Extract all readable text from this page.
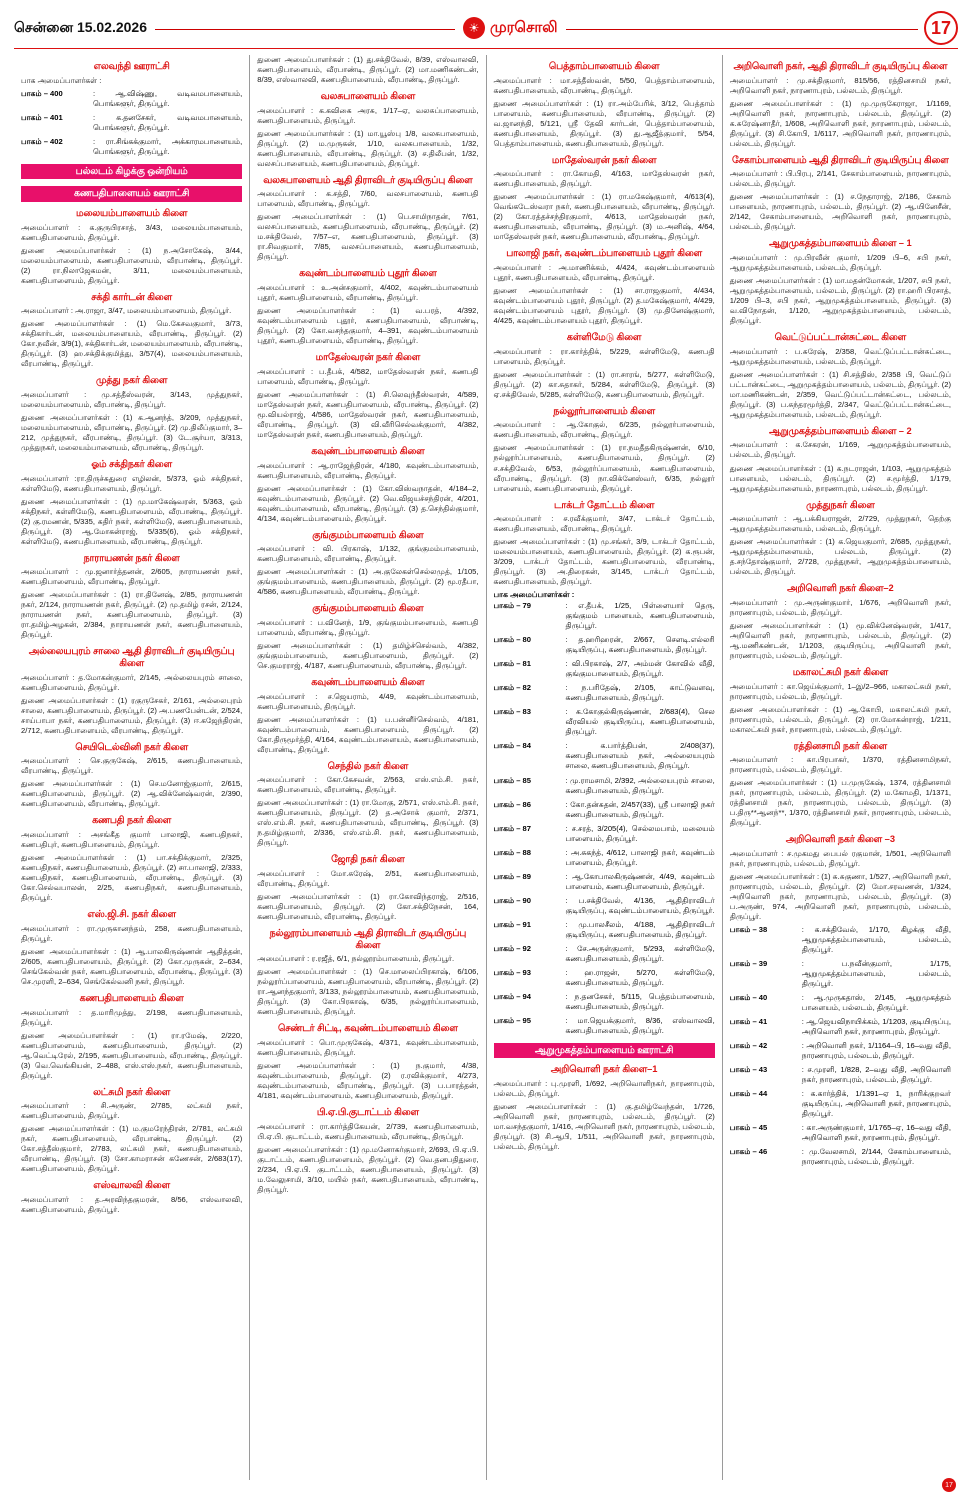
சென்னை 15.02.2026	☀ முரசொலி	17
எலவந்தி ஊராட்சி

பாக அமைப்பாளர்கள் :

பாகம் – 400	: ஆ.விஷ்ணு, வடிவமபாளையம், பொங்களூர், திருப்பூர்.
பாகம் – 401	: க.தனசேகர், வடிவமபாளையம், பொங்களூர், திருப்பூர்.
பாகம் – 402	: ரா.சிங்கக்குமார், அக்காரமபாளையம், பொங்களூர், திருப்பூர்.
பல்லடம் கிழக்கு ஒன்றியம்
கணபதிபாளையம் ஊராட்சி
மலையம்பாளையம் கிளை

அமைப்பாளர் : க.குருபிரசாத், 3/43, மலையம்பாளையம், கணபதிபாளையம், திருப்பூர்.

துணை அமைப்பாளர்கள் : (1) ந.அசோகேஷ், 3/44, மலையம்பாளையம், கணபதிபாளையம், வீரபாண்டி, திருப்பூர். (2) ரா.நிலாஜேகமன், 3/11, மலையம்பாளையம், கணபதிபாளையம், திருப்பூர்.

சக்தி கார்டன் கிளை

அமைப்பாளர் : அ.ராஜா, 3/47, மலையம்பாளையம், திருப்பூர்.

துணை அமைப்பாளர்கள் : (1) மெ.கேசவகுமார், 3/73, சக்திகார்டன், மலையம்பாளையம், வீரபாண்டி, திருப்பூர். (2) கோ.நவீன், 3/9(1), சக்திகார்டன், மலையம்பாளையம், வீரபாண்டி, திருப்பூர். (3) ஹ.சக்திக்குமித்து, 3/57(4), மலையம்பாளையம், வீரபாண்டி, திருப்பூர்.

முத்து நகர் கிளை

அமைப்பாளர் : மு.சத்தீஸ்வரன், 3/143, முத்துநகர், மலையம்பாளையம், வீரபாண்டி, திருப்பூர்.

துணை அமைப்பாளர்கள் : (1) க.ஆனந்த், 3/209, முத்துநகர், மலையம்பாளையம், வீரபாண்டி, திருப்பூர். (2) மு.திலீப்குமார், 3–212, முத்துநகர், வீரபாண்டி, திருப்பூர். (3) டே.சூர்யா, 3/313, முத்துநகர், மலையம்பாளையம், வீரபாண்டி, திருப்பூர்.

ஓம் சக்திநகர் கிளை

அமைப்பாளர் :ரா.திருச்சுதுரை எழிலன், 5/373, ஓம் சக்திநகர், கள்ளிமேடு, கணபதிபாளையம், திருப்பூர்.

துணை அமைப்பாளர்கள் : (1) மு.மாகேஷ்வரன், 5/363, ஓம் சக்திநகர், கள்ளிமேடு, கணபதிபாளையம், வீரபாண்டி, திருப்பூர். (2) கு.ரமணன், 5/335, கதிர் நகர், கள்ளிமேடு, கணபதிபாளையம், திருப்பூர். (3) ஆ.மோகன்ராஜ், 5/335(6), ஓம் சக்திநகர், கள்ளிமேடு, கணபதிபாளையம், வீரபாண்டி, திருப்பூர்.

நாராயணன் நகர் கிளை

அமைப்பாளர் : மு.ஜனார்த்தனன், 2/605, நாராயணன் நகர், கணபதிபாளையம், வீரபாண்டி, திருப்பூர்.

துணை அமைப்பாளர்கள் : (1) ரா.தினேஷ், 2/85, நாராயணன் நகர், 2/124, நாராயணன் நகர், திருப்பூர். (2) மு.தமிழ் ரசன், 2/124, நாராயணன் நகர், கணபதிபாளையம், திருப்பூர். (3) ரா.தமிழ்அழகன், 2/384, நாராயணன் நகர், கணபதிபாளையம், திருப்பூர்.

அல்லையபுரம் சாலை ஆதி திராவிடர் குடியிருப்பு கிளை

அமைப்பாளர் : த.மோகன்குமார், 2/145, அல்லையபுரம் சாலை, கணபதிபாளையம், திருப்பூர்.

துணை அமைப்பாளர்கள் : (1) ரகுருசேகர், 2/161, அல்லைபுரம் சாலை, கணபதிபாளையம், திருப்பூர். (2) அ.பணபேன்டன், 2/524, சாய்பாபா நகர், கணபதிபாளையம், திருப்பூர். (3) ஈ.கஜேந்திரன், 2/712, கணபதிபாளையம், வீரபாண்டி, திருப்பூர்.

செயிடெல்வினி நகர் கிளை

அமைப்பாளர் : செ.குருகேஷ், 2/615, கணபதிபாளையம், வீரபாண்டி, திருப்பூர்.

துணை அமைப்பாளர்கள் : (1) செ.மனோஜ்குமார், 2/615, கணபதிபாளையம், திருப்பூர். (2) ஆ.விக்னேஷ்வரன், 2/390, கணபதிபாளையம், வீரபாண்டி, திருப்பூர்.

கணபதி நகர் கிளை

அமைப்பாளர் : அசங்கீத குமார் பாலாஜி, கணபதிநகர், கணபதிபுர், கணபதிபாளையம், திருப்பூர்.

துணை அமைப்பாளர்கள் : (1) பா.சக்திக்குமார், 2/325, கணபதிநகர், கணபதிபாளையம், திருப்பூர். (2) சா.பாலாஜி, 2/333, கணபதிநகர், கணபதிபாளையம், வீரபாண்டி, திருப்பூர். (3) கோ.செல்வபாலன், 2/25, கணபதிநகர், கணபதிபாளையம், திருப்பூர்.

எஸ்.ஜி.சி. நகர் கிளை

அமைப்பாளர் : ரா.முருகானந்தம், 258, கணபதிபாளையம், திருப்பூர்.

துணை அமைப்பாளர்கள் : (1) ஆ.பாலகிருஷ்ணன் ஆதித்தன், 2/605, கணபதிபாளையம், திருப்பூர். (2) கோ.முருகன், 2–634, செங்கேல்வன் நகர், கணபதிபாளையம், வீரபாண்டி, திருப்பூர். (3) செ.முரளி, 2–634, செங்கேல்வனி நகர், திருப்பூர்.

கணபதிபாளையம் கிளை

அமைப்பாளர் : த.மாரிமுத்து, 2/198, கணபதிபாளையம், திருப்பூர்.

துணை அமைப்பாளர்கள் : (1) ரா.ரமேஷ், 2/220, கணபதிபாளையம், கணபதிபாளையம், திருப்பூர். (2) ஆ.வெட்டிரேல், 2/195, கணபதிபாளையம், வீரபாண்டி, திருப்பூர். (3) வெ.வெங்கியன், 2–488, எஸ்.எஸ்.நகர், கணபதிபாளையம், திருப்பூர்.

லட்சுமி நகர் கிளை

அமைப்பாளர் : சி.அருண், 2/785, லட்சுமி நகர், கணபதிபாளையம், திருப்பூர்.

துணை அமைப்பாளர்கள் : (1) ம.குமரேந்திரன், 2/781, லட்சுமி நகர், கணபதிபாளையம், வீரபாண்டி, திருப்பூர். (2) கோ.சத்தீஸ்குமார், 2/783, லட்சுமி நகர், கணபதிபாளையம், வீரபாண்டி, திருப்பூர். (3) சோ.காமராசன் கணேசன், 2/683(17), கணபதிபாளையம், திருப்பூர்.

எஸ்வாலவி கிளை

அமைப்பாளர் : த.அரவிந்தகுமரன், 8/56, எஸ்வாலவி, கணபதிபாளையம், திருப்பூர்.

துணை அமைப்பாளர்கள் : (1) து.சக்திவேல், 8/39, எஸ்வாலவி, கணபதிபாளையம், வீரபாண்டி, திருப்பூர். (2) மா.மணிகண்டன், 8/39, எஸ்வாலவி, கணபதிபாளையம், வீரபாண்டி, திருப்பூர்.

வலசுபாளையம் கிளை

அமைப்பாளர் : க.கவிகை அரசு, 1/17–ஏ, வலசுப்பாளையம், கணபதிபாளையம், திருப்பூர்.

துணை அமைப்பாளர்கள் : (1) மா.யூஸ்பு 1/8, வலசுபாளையம், திருப்பூர். (2) ம.முருகன், 1/10, வலசுபாளையம், 1/32, கணபதிபாளையம், வீரபாண்டி, திருப்பூர். (3) ச.திலீபன், 1/32, வலசப்பாளையம், கணபதிபாளையம், திருப்பூர்.

வலசுபாளையம் ஆதி திராவிடர் குடியிருப்பு கிளை

அமைப்பாளர் : க.சத்தி, 7/60, வலசபாளையம், கணபதி பாளையம், வீரபாண்டி, திருப்பூர்.

துணை அமைப்பாளர்கள் : (1) பெ.சாமிநாதன், 7/61, வலசப்பாளையம், கணபதிபாளையம், வீரபாண்டி, திருப்பூர். (2) ம.சக்திவேல், 7/57–எ, கணபதிபாளையம், திருப்பூர். (3) ரா.சிவகுமார், 7/85, வலசப்பாளையம், கணபதிபாளையம், திருப்பூர்.

கவுண்டம்பாளையம் புதூர் கிளை

அமைப்பாளர் : உ.அன்சகுமார், 4/402, கவுண்டம்பாளையம் புதூர், கணபதிபாளையம், வீரபாண்டி, திருப்பூர்.

துணை அமைப்பாளர்கள் : (1) வ.பரத், 4/392, கவுண்டம்பாளையம் புதூர், கணபதிபாளையம், வீரபாண்டி, திருப்பூர். (2) கோ.வசந்தகுமார், 4–391, கவுண்டம்பாளையம் புதூர், கணபதிபாளையம், வீரபாண்டி, திருப்பூர்.

மாதேஸ்வரன் நகர் கிளை

அமைப்பாளர் : ப.தீபக், 4/582, மாதேஸ்வரன் நகர், கணபதி பாளையம், வீரபாண்டி, திருப்பூர்.

துணை அமைப்பாளர்கள் : (1) சி.லெவுந்தீஸ்வரன், 4/589, மாதேஸ்வரன் நகர், கணபதிபாளையம், வீரபாண்டி, திருப்பூர். (2) மூ.வியல்ராஜ், 4/586, மாதேஸ்வரன் நகர், கணபதிபாளையம், வீரபாண்டி, திருப்பூர். (3) வி.வீரிசெல்வக்குமார், 4/382, மாதேஸ்வரன் நகர், கணபதிபாளையம், திருப்பூர்.

கவுண்டம்பாளையம் கிளை

அமைப்பாளர் : ஆ.ராஜேந்திரன், 4/180, கவுண்டம்பாளையம், கணபதிபாளையம், வீரபாண்டி, திருப்பூர்.

துணை அமைப்பாளர்கள் : (1) கோ.விஸ்வநாதன், 4/184–2, கவுண்டம்பாளையம், திருப்பூர். (2) வெ.விஜயச்சந்திரன், 4/201, கவுண்டம்பாளையம், வீரபாண்டி, திருப்பூர். (3) த.செந்தில்குமார், 4/134, கவுண்டம்பாளையம், திருப்பூர்.

குங்குமம்பாளையம் கிளை

அமைப்பாளர் : வி. பிரகாஷ், 1/132, குங்குமம்பாளையம், கணபதிபாளையம், வீரபாண்டி, திருப்பூர்.

துணை அமைப்பாளர்கள் : (1) அ.குலேகள்செல்லமுத், 1/105, குங்குமம்பாளையம், கணபதிபாளையம், திருப்பூர். (2) மூ.ரதீபா, 4/586, கணபதிபாளையம், வீரபாண்டி, திருப்பூர்.

குங்குமம்பாளையம் கிளை

அமைப்பாளர் : ப.வினேந், 1/9, குங்குமம்பாளையம், கணபதி பாளையம், வீரபாண்டி, திருப்பூர்.

துணை அமைப்பாளர்கள் : (1) தமிழ்ச்செல்வம், 4/382, குங்குமம்பாளையம், கணபதிபாளையம், திருப்பூர். (2) செ.குமரராஜ், 4/187, கணபதிபாளையம், வீரபாண்டி, திருப்பூர்.

கவுண்டம்பாளையம் கிளை

அமைப்பாளர் : ச.ஜெயராம், 4/49, கவுண்டம்பாளையம், கணபதிபாளையம், திருப்பூர்.

துணை அமைப்பாளர்கள் : (1) ப.பன்னீர்செல்வம், 4/181, கவுண்டம்பாளையம், கணபதிபாளையம், திருப்பூர். (2) கோ.திருமூர்த்தி, 4/164, கவுண்டம்பாளையம், கணபதிபாளையம், வீரபாண்டி, திருப்பூர்.

செந்தில் நகர் கிளை

அமைப்பாளர் : கோ.கேசவன், 2/563, எஸ்.எம்.சி. நகர், கணபதிபாளையம், வீரபாண்டி, திருப்பூர்.

துணை அமைப்பாளர்கள் : (1) ரா.மோகு, 2/571, எஸ்.எம்.சி. நகர், கணபதிபாளையம், திருப்பூர். (2) த.அசோக் குமார், 2/371, எஸ்.எம்.சி. நகர், கணபதிபாளையம், வீரபாண்டி, திருப்பூர். (3) ந.தமிழ்குமார், 2/336, எஸ்.எம்.சி. நகர், கணபதிபாளையம், திருப்பூர்.

ஜோதி நகர் கிளை

அமைப்பாளர் : மோ.சுரேஷ், 2/51, கணபதிபாளையம், வீரபாண்டி, திருப்பூர்.

துணை அமைப்பாளர்கள் : (1) ரா.கோவிந்தராஜ், 2/516, கணபதிபாளையம், திருப்பூர். (2) கோ.சக்திநேசன், 164, கணபதிபாளையம், வீரபாண்டி, திருப்பூர்.

நல்லூரம்பாளையம் ஆதி திராவிடர் குடியிருப்பு கிளை

அமைப்பாளர் : ர.ரஜீத், 6/1, நல்லூரம்பாளையம், திருப்பூர்.

துணை அமைப்பாளர்கள் : (1) செ.மாலைப்பிரகாஷ், 6/106, நல்லூர்ப்பாளையம், கணபதிபாளையம், வீரபாண்டி, திருப்பூர். (2) ரா.ஆனந்தகுமார், 3/133, நல்லூரம்பாளையம், கணபதிபாளையம், திருப்பூர். (3) கோ.பிரகாஷ், 6/35, நல்லூர்ப்பாளையம், கணபதிபாளையம், திருப்பூர்.

செண்டர் சிட்டி, கவுண்டம்பாளையம் கிளை

அமைப்பாளர் : பொ.முருகேஷ், 4/371, கவுண்டம்பாளையம், கணபதிபாளையம், திருப்பூர்.

துணை அமைப்பாளர்கள் : (1) ந.குமார், 4/38, கவுண்டம்பாளையம், திருப்பூர். (2) ர.ரவிக்குமார், 4/273, கவுண்டம்பாளையம், வீரபாண்டி, திருப்பூர். (3) ப.பாரத்தன், 4/181, கவுண்டம்பாளையம், கணபதிபாளையம், திருப்பூர்.

பி.ஏ.பி.குடாட்டம் கிளை

அமைப்பாளர் : ரா.கார்த்திகேயன், 2/739, கணபதிபாளையம், பி.ஏ.பி. குடாட்டம், கணபதிபாளையம், வீரபாண்டி, திருப்பூர்.

துணை அமைப்பாளர்கள் : (1) மு.மனோகர்குமார், 2/693, பி.ஏ.பி. குடாட்டம், கணபதிபாளையம், திருப்பூர். (2) வெ.தனபதிதுரை, 2/234, பி.ஏ.பி. குடாட்டம், கணபதிபாளையம், திருப்பூர். (3) ம.வேலுசாமி, 3/10, மயில் நகர், கணபதிபாளையம், வீரபாண்டி, திருப்பூர்.

பெத்தாம்பாளையம் கிளை

அமைப்பாளர் : மா.சத்தீஸ்வன், 5/50, பெத்தாம்பாளையம், கணபதிபாளையம், வீரபாண்டி, திருப்பூர்.

துணை அமைப்பாளர்கள் : (1) ரா.அம்பேரிக், 3/12, பெத்தாம் பாளையம், கணபதிபாளையம், வீரபாண்டி, திருப்பூர். (2) வ.ஜானந்தி, 5/121, ஸ்ரீ தேவி கார்டன், பெத்தாம்பாளையம், கணபதிபாளையம், திருப்பூர். (3) து.ஆஜீத்குமார், 5/54, பெத்தாம்பாளையம், கணபதிபாளையம், திருப்பூர்.

மாதேஸ்வரன் நகர் கிளை

அமைப்பாளர் : ரா.கோமதி, 4/163, மாதேஸ்வரன் நகர், கணபதிபாளையம், திருப்பூர்.

துணை அமைப்பாளர்கள் : (1) ரா.மகேஷ்குமார், 4/613(4), வெங்கடேஸ்வரா நகர், கணபதிபாளையம், வீரபாண்டி, திருப்பூர். (2) கோ.ரத்தச்சந்திரகுமார், 4/613, மாதேஸ்வரன் நகர், கணபதிபாளையம், வீரபாண்டி, திருப்பூர். (3) ம.அனிஷ், 4/64, மாதேஸ்வரன் நகர், கணபதிபாளையம், வீரபாண்டி, திருப்பூர்.

பாலாஜி நகர், கவுண்டம்பாளையம் புதூர் கிளை

அமைப்பாளர் : அ.மாணிக்கம், 4/424, கவுண்டம்பாளையம் புதூர், கணபதிபாளையம், வீரபாண்டி, திருப்பூர்.

துணை அமைப்பாளர்கள் : (1) சா.ராஜகுமார், 4/434, கவுண்டம்பாளையம் புதூர், திருப்பூர். (2) த.மகேஷ்குமார், 4/429, கவுண்டம்பாளையம் புதூர், திருப்பூர். (3) மு.தினேஷ்குமார், 4/425, கவுண்டம்பாளையம் புதூர், திருப்பூர்.

கள்ளிமேடு கிளை

அமைப்பாளர் : ரா.கார்த்திக், 5/229, கள்ளிமேடு, கணபதி பாளையம், திருப்பூர்.

துணை அமைப்பாளர்கள் : (1) ரா.சாரங், 5/277, கள்ளிமேடு, திருப்பூர். (2) கா.சுதாகர், 5/284, கள்ளிமேடு, திருப்பூர். (3) ஏ.சக்திவேல், 5/285, கள்ளிமேடு, கணபதிபாளையம், திருப்பூர்.

நல்லூர்பாளையம் கிளை

அமைப்பாளர் : ஆ.கோகுல், 6/235, நல்லூர்பாளையம், கணபதிபாளையம், வீரபாண்டி, திருப்பூர்.

துணை அமைப்பாளர்கள் : (1) ரா.நமதீதகிருஷ்ணன், 6/10, நல்லூர்ப்பாளையம், கணபதிபாளையம், திருப்பூர். (2) ச.சக்திவேல், 6/53, நல்லூர்ப்பாளையம், கணபதிபாளையம், வீரபாண்டி, திருப்பூர். (3) நா.விக்னேஸ்வர், 6/35, நல்லூர் பாளையம், கணபதிபாளையம், திருப்பூர்.

டாக்டர் தோட்டம் கிளை

அமைப்பாளர் : ச.ரவீக்குமார், 3/47, டாக்டர் தோட்டம், கணபதிபாளையம், வீரபாண்டி, திருப்பூர்.

துணை அமைப்பாளர்கள் : (1) மு.சங்கர், 3/9, டாக்டர் தோட்டம், மலையம்பாளையம், கணபதிபாளையம், திருப்பூர். (2) க.ரூபன், 3/209, டாக்டர் தோட்டம், கணபதிபாளையம், வீரபாண்டி, திருப்பூர். (3) அ.திரைகன், 3/145, டாக்டர் தோட்டம், கணபதிபாளையம், திருப்பூர்.

பாக அமைப்பாளர்கள் :
பாகம் – 79	: எ.தீபக், 1/25, பிள்ளையார் தெரு, குங்குமம் பாளையம், கணபதிபாளையம், திருப்பூர்.
பாகம் – 80	: த.ஹரிஹரன், 2/667, சௌடி.எல்லரி குடியிருப்பு, கணபதிபாளையம், திருப்பூர்.
பாகம் – 81	: வி.பிரகாஷ், 2/7, அம்மன் கோவில் வீதி, குங்குமபாளையம், திருப்பூர்.
பாகம் – 82	: ந.பரிதேஷ், 2/105, காட்டுவளவு, கணபதிபாளையம், திருப்பூர்.
பாகம் – 83	: க.கோகுல்கிருஷ்ணன், 2/683(4), செல வீரவியல் குடியிருப்பு, கணபதிபாளையம், திருப்பூர்.
பாகம் – 84	: க.பார்த்திபன், 2/408(37), கணபதிபாளையம் நகர், அல்லையபுரம் சாலை, கணபதிபாளையம், திருப்பூர்.
பாகம் – 85	: மு.ராமசாமி, 2/392, அல்லையபுரம் சாலை, கணபதிபாளையம், திருப்பூர்.
பாகம் – 86	: கோ.தன்சுதன், 2/457(33), ஸ்ரீ பாலாஜி நகர் கணபதிபாளையம், திருப்பூர்.
பாகம் – 87	: ச.சரத், 3/205(4), செல்லமபாம், மலையம் பாளையம், திருப்பூர்.
பாகம் – 88	: அ.சுகந்த், 4/612, பாலாஜி நகர், கவுண்டம் பாளையம், திருப்பூர்.
பாகம் – 89	: ஆ.கோபாலகிருஷ்ணன், 4/49, கவுண்டம் பாளையம், கணபதிபாளையம், திருப்பூர்.
பாகம் – 90	: ப.சக்திவேல், 4/136, ஆதிதிராவிடர் குடியிருப்பு, கவுண்டம்பாளையம், திருப்பூர்.
பாகம் – 91	: மு.பாலசீலம், 4/188, ஆதிதிராவிடர் குடியிருப்பு, கணபதிபாளையம், திருப்பூர்.
பாகம் – 92	: சே.அருள்குமார், 5/293, கள்ளிமேடு, கணபதிபாளையம், திருப்பூர்.
பாகம் – 93	: ஹ.ராஜன், 5/270, கள்ளிமேடு, கணபதிபாளையம், திருப்பூர்.
பாகம் – 94	: ந.தனசேகர், 5/115, பெத்தம்பாளையம், கணபதிபாளையம், திருப்பூர்.
பாகம் – 95	: மா.ஜெயக்குமார், 8/36, எஸ்வாலவி, கணபதிபாளையம், திருப்பூர்.
ஆறுமுகத்தம்பாளையம் ஊராட்சி
அறிவொளி நகர் கிளை–1

அமைப்பாளர் : பு.முரளி, 1/692, அறிவொளிநகர், நாரணாபுரம், பல்லடம், திருப்பூர்.

துணை அமைப்பாளர்கள் : (1) கு.தமிழ்வேந்தன், 1/726, அறிவொளி நகர், நாரணாபுரம், பல்லடம், திருப்பூர். (2) மா.வசந்தகுமார், 1/416, அறிவொளி நகர், நாரணாபுரம், பல்லடம், திருப்பூர். (3) சி.ஆபி, 1/511, அறிவொளி நகர், நாரணாபுரம், பல்லடம், திருப்பூர்.

அறிவொளி நகர், ஆதி திராவிடர் குடியிருப்பு கிளை

அமைப்பாளர் : மு.சக்திகுமார், 815/56, ரத்தினசாமி நகர், அறிவொளி நகர், நாரணாபுரம், பல்லடம், திருப்பூர்.

துணை அமைப்பாளர்கள் : (1) மு.முருகேராஜா, 1/1169, அறிவொளி நகர், நாரணாபுரம், பல்லடம், திருப்பூர். (2) க.சுரேஷ்னாதீர், 1/608, அறிவொளி நகர், நாரணாபுரம், பல்லடம், திருப்பூர். (3) சி.கோபி, 1/6117, அறிவொளி நகர், நாரணாபுரம், பல்லடம், திருப்பூர்.

சேகாம்பாளையம் ஆதி திராவிடர் குடியிருப்பு கிளை

அமைப்பாளர் : பி.பிரபு, 2/141, சேகாம்பாளையம், நாரணாபுரம், பல்லடம், திருப்பூர்.

துணை அமைப்பாளர்கள் : (1) ச.நேதாராஜ், 2/186, சேகாம் பாளையம், நாரணாபுரம், பல்லடம், திருப்பூர். (2) ஆ.யினேசீன், 2/142, சேகாம்பாளையம், அறிவொளி நகர், நாரணாபுரம், பல்லடம், திருப்பூர்.

ஆறுமுகத்தம்பாளையம் கிளை – 1

அமைப்பாளர் : மு.பிரவீன் குமார், 1/209 பி–6, சபி நகர், ஆறுமுகத்தம்பாளையம், பல்லடம், திருப்பூர்.

துணை அமைப்பாளர்கள் : (1) மா.மதன்மோகன், 1/207, சபி நகர், ஆறுமுகத்தம்பாளையம், பல்லடம், திருப்பூர். (2) ரா.ஹரி பிரசாத், 1/209 பி–3, சபி நகர், ஆறுமுகத்தம்பாளையம், திருப்பூர். (3) வ.விநோதன், 1/120, ஆறுமுகத்தம்பாளையம், பல்லடம், திருப்பூர்.

வெட்டுப்பட்டான்சுட்டை கிளை

அமைப்பாளர் : ப.சுரேஷ், 2/358, வெட்டுப்பட்டான்சுட்டை, ஆறுமுகத்தம்பாளையம், பல்லடம், திருப்பூர்.

துணை அமைப்பாளர்கள் : (1) சி.சத்திஸ், 2/358 பி, வெட்டுப் பட்டான்சுட்டை, ஆறுமுகத்தம்பாளையம், பல்லடம், திருப்பூர். (2) மா.மணிகண்டன், 2/359, வெட்டுப்பட்டான்சுட்டை, பல்லடம், திருப்பூர். (3) ப.சுந்தரமூர்த்தி, 2/347, வெட்டுப்பட்டான்சுட்டை, ஆறுமுகத்தம்பாளையம், பல்லடம், திருப்பூர்.

ஆறுமுகத்தம்பாளையம் கிளை – 2

அமைப்பாளர் : க.சேகரன், 1/169, ஆறுமுகத்தம்பாளையம், பல்லடம், திருப்பூர்.

துணை அமைப்பாளர்கள் : (1) க.நடராஜன், 1/103, ஆறுமுகத்தம் பாளையம், பல்லடம், திருப்பூர். (2) ச.மூர்த்தி, 1/179, ஆறுமுகத்தம்பாளையம், நாரணாபுரம், பல்லடம், திருப்பூர்.

முத்துநகர் கிளை

அமைப்பாளர் : ஆ.பக்கியராஜன், 2/729, முத்துநகர், தெற்கு ஆறுமுகத்தம்பாளையம், பல்லடம், திருப்பூர்.

துணை அமைப்பாளர்கள் : (1) க.ஜெயகுமார், 2/685, முத்துநகர், ஆறுமுகத்தம்பாளையம், பல்லடம், திருப்பூர். (2) த.சந்தோஷ்குமார், 2/728, முத்துநகர், ஆறுமுகத்தம்பாளையம், பல்லடம், திருப்பூர்.

அறிவொளி நகர் கிளை–2

அமைப்பாளர் : மு.அருண்குமார், 1/676, அறிவொளி நகர், நாரணாபுரம், பல்லடம், திருப்பூர்.

துணை அமைப்பாளர்கள் : (1) மூ.விக்னேஷ்வரன், 1/417, அறிவொளி நகர், நாரணாபுரம், பல்லடம், திருப்பூர். (2) ஆ.மணிகண்டன், 1/1203, குடியிருப்பு, அறிவொளி நகர், நாரணாபுரம், பல்லடம், திருப்பூர்.

மகாலட்சுமி நகர் கிளை

அமைப்பாளர் : கா.ஜெய்க்குமார், 1–இ/2–966, மகாலட்சுமி நகர், நாரணாபுரம், பல்லடம், திருப்பூர்.

துணை அமைப்பாளர்கள் : (1) ஆ.கோபி, மகாலட்சுமி நகர், நாரணாபுரம், பல்லடம், திருப்பூர். (2) ரா.மோகன்ராஜ், 1/211, மகாலட்சுமி நகர், நாரணாபுரம், பல்லடம், திருப்பூர்.

ரத்தினசாமி நகர் கிளை

அமைப்பாளர் : கா.பிரபாகர், 1/370, ரத்தினசாமிநகர், நாரணாபுரம், பல்லடம், திருப்பூர்.

துணை அமைப்பாளர்கள் : (1) ப.முருகேஷ், 1374, ரத்தினசாமி நகர், நாரணாபுரம், பல்லடம், திருப்பூர். (2) ம.கோமதி, 1/1371, ரத்தினசாமி நகர், நாரணாபுரம், பல்லடம், திருப்பூர். (3) ப.திரு**ஆனந்**, 1/370, ரத்தினசாமி நகர், நாரணாபுரம், பல்லடம், திருப்பூர்.

அறிவொளி நகர் கிளை –3

அமைப்பாளர் : ச.முகமது பைபல் ரகுமான், 1/501, அறிவொளி நகர், நாரணாபுரம், பல்லடம், திருப்பூர்.

துணை அமைப்பாளர்கள் : (1) சு.சுகுணா, 1/527, அறிவொளி நகர், நாரணாபுரம், பல்லடம், திருப்பூர். (2) மோ.சரவணன், 1/324, அறிவொளி நகர், நாரணாபுரம், பல்லடம், திருப்பூர். (3) ப.அருண், 974, அறிவொளி நகர், நாரணாபுரம், பல்லடம், திருப்பூர்.

பாகம் – 38	: க.சக்திவேல், 1/170, கிழக்கு வீதி, ஆறுமுகத்தம்பாளையம், பல்லடம், திருப்பூர்.
பாகம் – 39	: ப.நவீன்குமார், 1/175, ஆறுமுகத்தம்பாளையம், பல்லடம், திருப்பூர்.
பாகம் – 40	: ஆ.முருகதாஸ், 2/145, ஆறுமுகத்தம் பாளையம், பல்லடம், திருப்பூர்.
பாகம் – 41	: ஆ.ஜெயவிநாயிக்கம், 1/1203, குடியிருப்பு, அறிவொளி நகர், நாரணாபுரம், திருப்பூர்.
பாகம் – 42	: அறிவொளி நகர், 1/1164–பி, 16–வது வீதி, நாரணாபுரம், பல்லடம், திருப்பூர்.
பாகம் – 43	: ச.முரளி, 1/828, 2–வது வீதி, அறிவொளி நகர், நாரணாபுரம், பல்லடம், திருப்பூர்.
பாகம் – 44	: க.கார்த்திக், 1/1391–ஏ 1, நாரிக்குறவர் குடியிருப்பு, அறிவொளி நகர், நாரணாபுரம், திருப்பூர்.
பாகம் – 45	: கா.அருண்குமார், 1/1765–ஏ, 16–வது வீதி, அறிவொளி நகர், நாரணாபுரம், திருப்பூர்.
பாகம் – 46	: மு.வேலசாமி, 2/144, சேகாம்பாளையம், நாரணாபுரம், பல்லடம், திருப்பூர்.
17
